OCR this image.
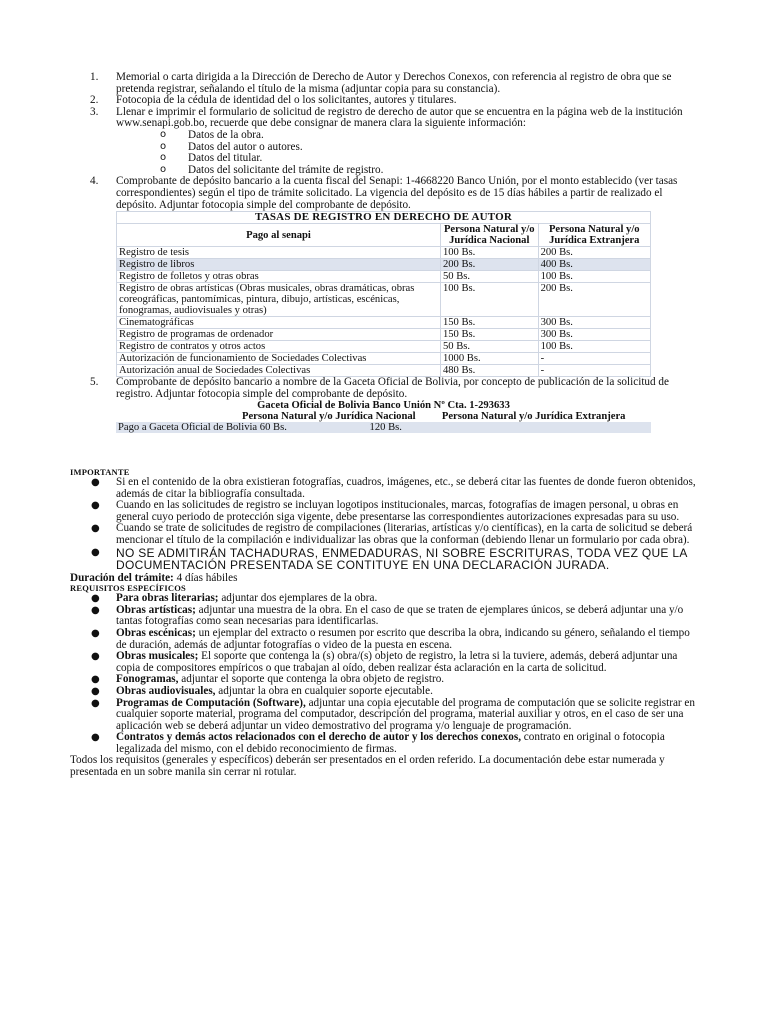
1. Memorial o carta dirigida a la Dirección de Derecho de Autor y Derechos Conexos, con referencia al registro de obra que se pretenda registrar, señalando el título de la misma (adjuntar copia para su constancia).
2. Fotocopia de la cédula de identidad del o los solicitantes, autores y titulares.
3. Llenar e imprimir el formulario de solicitud de registro de derecho de autor que se encuentra en la página web de la institución www.senapi.gob.bo, recuerde que debe consignar de manera clara la siguiente información:
o Datos de la obra.
o Datos del autor o autores.
o Datos del titular.
o Datos del solicitante del trámite de registro.
4. Comprobante de depósito bancario a la cuenta fiscal del Senapi: 1-4668220 Banco Unión, por el monto establecido (ver tasas correspondientes) según el tipo de trámite solicitado. La vigencia del depósito es de 15 días hábiles a partir de realizado el depósito. Adjuntar fotocopia simple del comprobante de depósito.
TASAS DE REGISTRO EN DERECHO DE AUTOR		
Pago al senapi	Persona Natural y/o Jurídica Nacional	Persona Natural y/o Jurídica Extranjera
Registro de tesis	100 Bs.	200 Bs.
Registro de libros	200 Bs.	400 Bs.
Registro de folletos y otras obras	50 Bs.	100 Bs.
Registro de obras artísticas (Obras musicales, obras dramáticas, obras coreográficas, pantomímicas, pintura, dibujo, artísticas, escénicas, fonogramas, audiovisuales y otras)	100 Bs.	200 Bs.
Cinematográficas	150 Bs.	300 Bs.
Registro de programas de ordenador	150 Bs.	300 Bs.
Registro de contratos y otros actos	50 Bs.	100 Bs.
Autorización de funcionamiento de Sociedades Colectivas	1000 Bs.	-
Autorización anual de Sociedades Colectivas	480 Bs.	-
5. Comprobante de depósito bancario a nombre de la Gaceta Oficial de Bolivia, por concepto de publicación de la solicitud de registro. Adjuntar fotocopia simple del comprobante de depósito.
Gaceta Oficial de Bolivia Banco Unión Nº Cta. 1-293633		
	Persona Natural y/o Jurídica Nacional	Persona Natural y/o Jurídica Extranjera
Pago a Gaceta Oficial de Bolivia 60 Bs. 120 Bs.		
IMPORTANTE
● Si en el contenido de la obra existieran fotografías, cuadros, imágenes, etc., se deberá citar las fuentes de donde fueron obtenidos, además de citar la bibliografía consultada.
● Cuando en las solicitudes de registro se incluyan logotipos institucionales, marcas, fotografías de imagen personal, u obras en general cuyo periodo de protección siga vigente, debe presentarse las correspondientes autorizaciones expresadas para su uso.
● Cuando se trate de solicitudes de registro de compilaciones (literarias, artísticas y/o científicas), en la carta de solicitud se deberá mencionar el título de la compilación e individualizar las obras que la conforman (debiendo llenar un formulario por cada obra).
● NO SE ADMITIRÁN TACHADURAS, ENMEDADURAS, NI SOBRE ESCRITURAS, TODA VEZ QUE LA DOCUMENTACIÓN PRESENTADA SE CONTITUYE EN UNA DECLARACIÓN JURADA.
Duración del trámite: 4 días hábiles
REQUISITOS ESPECÍFICOS
● Para obras literarias; adjuntar dos ejemplares de la obra.
● Obras artísticas; adjuntar una muestra de la obra. En el caso de que se traten de ejemplares únicos, se deberá adjuntar una y/o tantas fotografías como sean necesarias para identificarlas.
● Obras escénicas; un ejemplar del extracto o resumen por escrito que describa la obra, indicando su género, señalando el tiempo de duración, además de adjuntar fotografías o video de la puesta en escena.
● Obras musicales; El soporte que contenga la (s) obra/(s) objeto de registro, la letra si la tuviere, además, deberá adjuntar una copia de compositores empíricos o que trabajan al oído, deben realizar ésta aclaración en la carta de solicitud.
● Fonogramas, adjuntar el soporte que contenga la obra objeto de registro.
● Obras audiovisuales, adjuntar la obra en cualquier soporte ejecutable.
● Programas de Computación (Software), adjuntar una copia ejecutable del programa de computación que se solicite registrar en cualquier soporte material, programa del computador, descripción del programa, material auxiliar y otros, en el caso de ser una aplicación web se deberá adjuntar un video demostrativo del programa y/o lenguaje de programación.
● Contratos y demás actos relacionados con el derecho de autor y los derechos conexos, contrato en original o fotocopia legalizada del mismo, con el debido reconocimiento de firmas.
Todos los requisitos (generales y específicos) deberán ser presentados en el orden referido. La documentación debe estar numerada y presentada en un sobre manila sin cerrar ni rotular.
